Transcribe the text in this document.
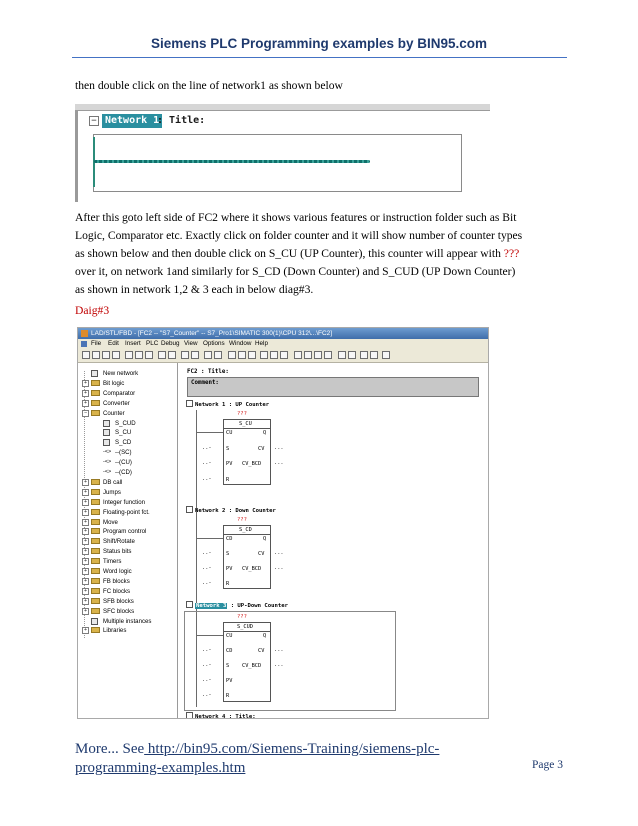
Siemens PLC Programming examples by BIN95.com
then double click on the line of network1 as shown below
− Network 1
: Title:
After this goto left side of FC2 where it shows various features or instruction folder such as Bit
Logic, Comparator etc. Exactly click on folder counter and it will show number of counter types
as shown below and then double click on S_CU (UP Counter), this counter will appear with ???
over it, on network 1and similarly for S_CD (Down Counter) and S_CUD (UP Down Counter)
as shown in network 1,2 & 3 each in below diag#3.
Daig#3
LAD/STL/FBD - [FC2 -- "S7_Counter" -- S7_Pro1\SIMATIC 300(1)\CPU 312\...\FC2]
File Edit Insert PLC Debug View Options Window Help
New network
+	Bit logic
+	Comparator
+	Converter
−	Counter
S_CUD
S_CU
S_CD
-<> --(SC)
-<> --(CU)
-<> --(CD)
+	DB call
+	Jumps
+	Integer function
+	Floating-point fct.
+	Move
+	Program control
+	Shift/Rotate
+	Status bits
+	Timers
+	Word logic
+	FB blocks
+	FC blocks
+	SFB blocks
+	SFC blocks
Multiple instances
+	Libraries
FC2 : Title:
Comment:
Network 1 : UP Counter
???
S_CU
CU	Q
S	CV
PV CV_BCD
R
..-
..-
..-
...
...
Network 2 : Down Counter
???
S_CD
CD	Q
S	CV
PV CV_BCD
R
..-
..-
..-
...
...
Network 3 : UP-Down Counter
???
S_CUD
CU	Q
CD	CV
S CV_BCD
PV
R
..-
..-
..-
..-
...
...
Network 4 : Title:
More... See http://bin95.com/Siemens-Training/siemens-plc-
programming-examples.htm	Page 3
